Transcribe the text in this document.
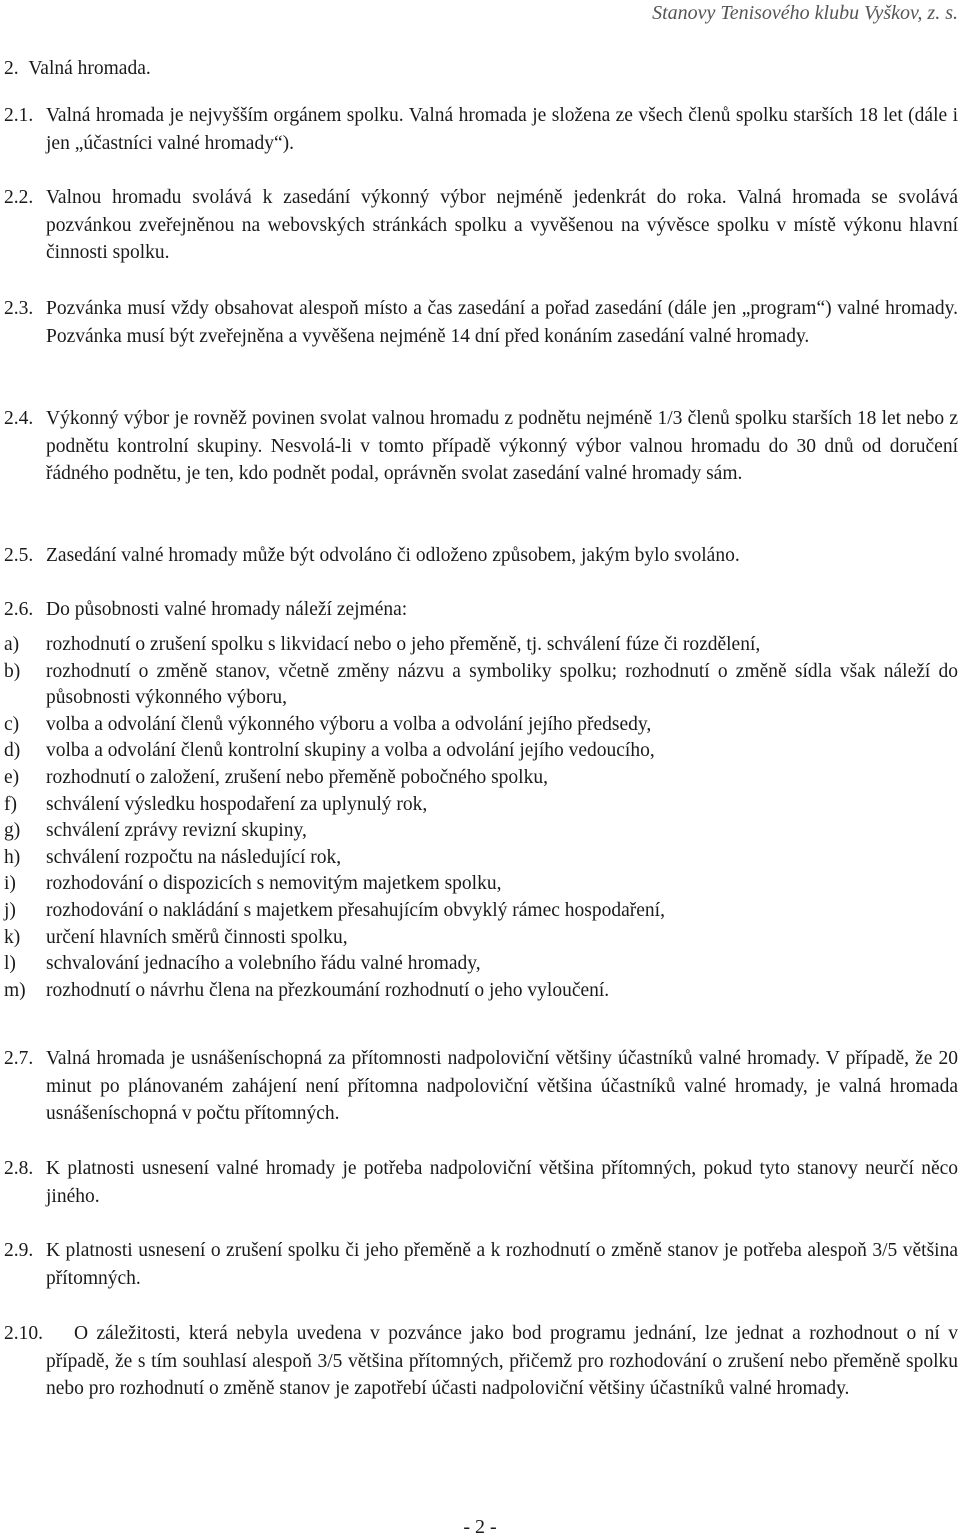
Stanovy Tenisového klubu Vyškov, z. s.
2. Valná hromada.
2.1. Valná hromada je nejvyšším orgánem spolku. Valná hromada je složena ze všech členů spolku starších 18 let (dále i jen „účastníci valné hromady“).
2.2. Valnou hromadu svolává k zasedání výkonný výbor nejméně jedenkrát do roka. Valná hromada se svolává pozvánkou zveřejněnou na webovských stránkách spolku a vyvěšenou na vývěsce spolku v místě výkonu hlavní činnosti spolku.
2.3. Pozvánka musí vždy obsahovat alespoň místo a čas zasedání a pořad zasedání (dále jen „program“) valné hromady. Pozvánka musí být zveřejněna a vyvěšena nejméně 14 dní před konáním zasedání valné hromady.
2.4. Výkonný výbor je rovněž povinen svolat valnou hromadu z podnětu nejméně 1/3 členů spolku starších 18 let nebo z podnětu kontrolní skupiny. Nesvolá-li v tomto případě výkonný výbor valnou hromadu do 30 dnů od doručení řádného podnětu, je ten, kdo podnět podal, oprávněn svolat zasedání valné hromady sám.
2.5. Zasedání valné hromady může být odvoláno či odloženo způsobem, jakým bylo svoláno.
2.6. Do působnosti valné hromady náleží zejména:
a) rozhodnutí o zrušení spolku s likvidací nebo o jeho přeměně, tj. schválení fúze či rozdělení,
b) rozhodnutí o změně stanov, včetně změny názvu a symboliky spolku; rozhodnutí o změně sídla však náleží do působnosti výkonného výboru,
c) volba a odvolání členů výkonného výboru a volba a odvolání jejího předsedy,
d) volba a odvolání členů kontrolní skupiny a volba a odvolání jejího vedoucího,
e) rozhodnutí o založení, zrušení nebo přeměně pobočného spolku,
f) schválení výsledku hospodaření za uplynulý rok,
g) schválení zprávy revizní skupiny,
h) schválení rozpočtu na následující rok,
i) rozhodování o dispozicích s nemovitým majetkem spolku,
j) rozhodování o nakládání s majetkem přesahujícím obvyklý rámec hospodaření,
k) určení hlavních směrů činnosti spolku,
l) schvalování jednacího a volebního řádu valné hromady,
m) rozhodnutí o návrhu člena na přezkoumání rozhodnutí o jeho vyloučení.
2.7. Valná hromada je usnášeníschopná za přítomnosti nadpoloviční většiny účastníků valné hromady. V případě, že 20 minut po plánovaném zahájení není přítomna nadpoloviční většina účastníků valné hromady, je valná hromada usnášeníschopná v počtu přítomných.
2.8. K platnosti usnesení valné hromady je potřeba nadpoloviční většina přítomných, pokud tyto stanovy neurčí něco jiného.
2.9. K platnosti usnesení o zrušení spolku či jeho přeměně a k rozhodnutí o změně stanov je potřeba alespoň 3/5 většina přítomných.
2.10.	O záležitosti, která nebyla uvedena v pozvánce jako bod programu jednání, lze jednat a rozhodnout o ní v případě, že s tím souhlasí alespoň 3/5 většina přítomných, přičemž pro rozhodování o zrušení nebo přeměně spolku nebo pro rozhodnutí o změně stanov je zapotřebí účasti nadpoloviční většiny účastníků valné hromady.
- 2 -
